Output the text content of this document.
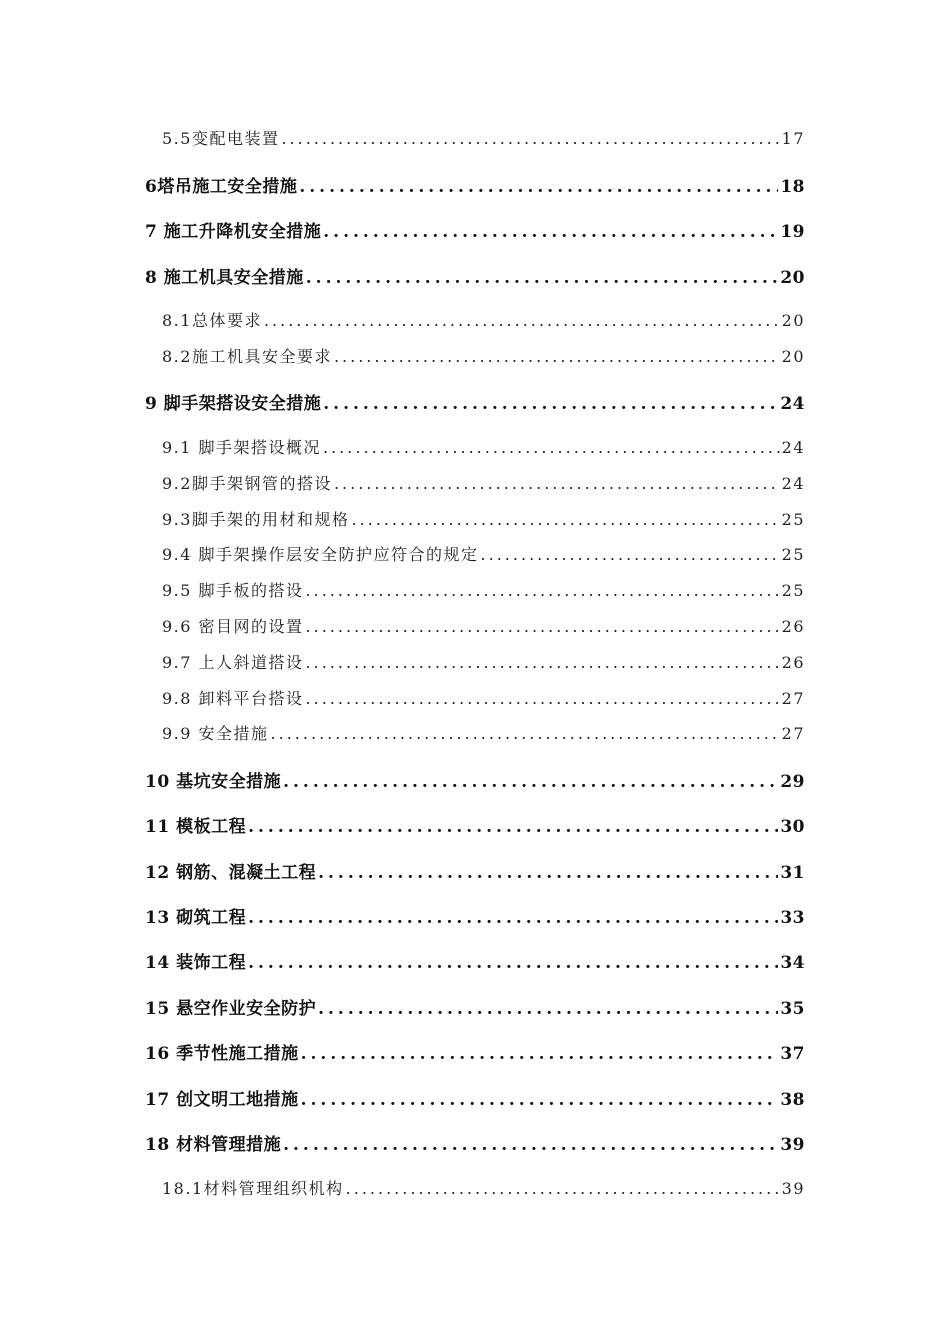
5.5变配电装置 .....	17
6塔吊施工安全措施 .....	18
7 施工升降机安全措施 .....	19
8 施工机具安全措施 .....	20
8.1总体要求 .....	20
8.2施工机具安全要求 .....	20
9 脚手架搭设安全措施 .....	24
9.1 脚手架搭设概况 .....	24
9.2脚手架钢管的搭设 .....	24
9.3脚手架的用材和规格 .....	25
9.4 脚手架操作层安全防护应符合的规定 .....	25
9.5 脚手板的搭设 .....	25
9.6 密目网的设置 .....	26
9.7 上人斜道搭设 .....	26
9.8 卸料平台搭设 .....	27
9.9 安全措施 .....	27
10 基坑安全措施 .....	29
11 模板工程 .....	30
12 钢筋、混凝土工程 .....	31
13 砌筑工程 .....	33
14 装饰工程 .....	34
15 悬空作业安全防护 .....	35
16 季节性施工措施 .....	37
17 创文明工地措施 .....	38
18 材料管理措施 .....	39
18.1材料管理组织机构 .....	39
